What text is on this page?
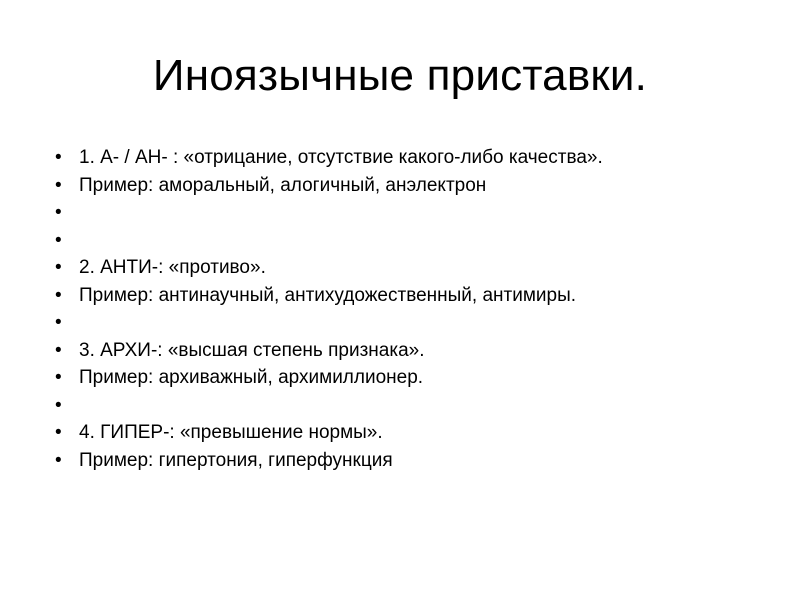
Иноязычные приставки.
• 1. А- / АН- : «отрицание, отсутствие какого-либо качества».
• Пример: аморальный, алогичный, анэлектрон
•
•
• 2. АНТИ-: «противо».
• Пример: антинаучный, антихудожественный, антимиры.
•
• 3. АРХИ-: «высшая степень признака».
• Пример: архиважный, архимиллионер.
•
• 4. ГИПЕР-: «превышение нормы».
• Пример: гипертония, гиперфункция
